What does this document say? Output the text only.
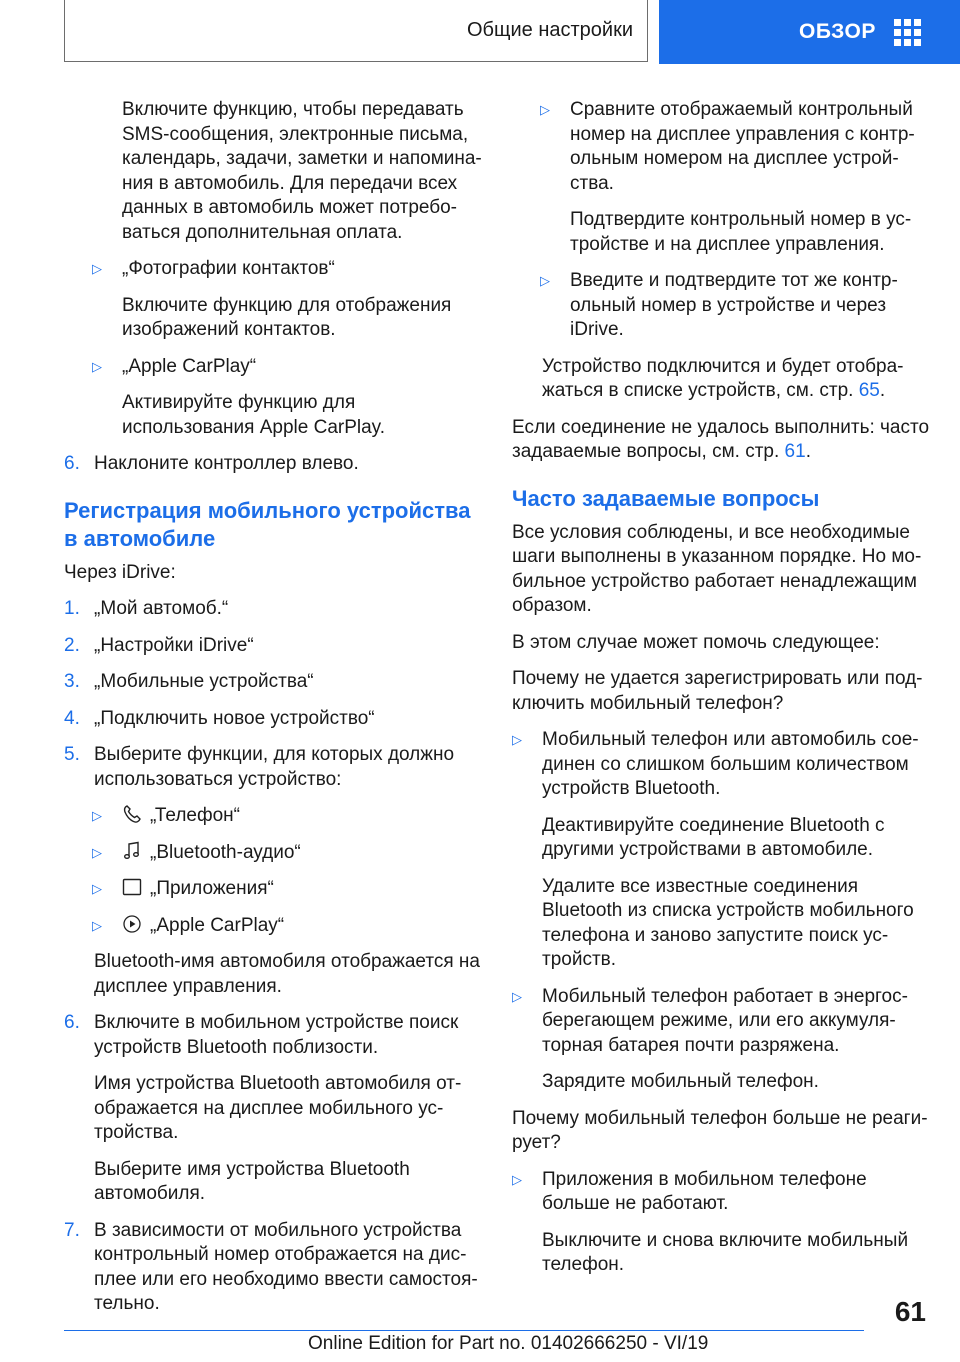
Общие настройки	ОБЗОР

Включите функцию, чтобы передавать SMS-сообщения, электронные письма, календарь, задачи, заметки и напомина‐ния в автомобиль. Для передачи всех данных в автомобиль может потребо‐ваться дополнительная оплата.

▷	„Фотографии контактов“

Включите функцию для отображения изображений контактов.

▷	„Apple CarPlay“

Активируйте функцию для использования Apple CarPlay.

6. Наклоните контроллер влево.
Регистрация мобильного устройства в автомобиле

Через iDrive:

1. „Мой автомоб.“
2. „Настройки iDrive“
3. „Мобильные устройства“
4. „Подключить новое устройство“
5. Выберите функции, для которых должно использоваться устройство:
▷	„Телефон“
▷	„Bluetooth-аудио“
▷	„Приложения“
▷	„Apple CarPlay“

Bluetooth-имя автомобиля отображается на дисплее управления.

6. Включите в мобильном устройстве поиск устройств Bluetooth поблизости.

Имя устройства Bluetooth автомобиля от‐ображается на дисплее мобильного ус‐тройства.

Выберите имя устройства Bluetooth автомобиля.

7. В зависимости от мобильного устройства контрольный номер отображается на дис‐плее или его необходимо ввести самостоя‐тельно.
▷	Сравните отображаемый контрольный номер на дисплее управления с контр‐ольным номером на дисплее устрой‐ства.

Подтвердите контрольный номер в ус‐тройстве и на дисплее управления.

▷	Введите и подтвердите тот же контр‐ольный номер в устройстве и через iDrive.

Устройство подключится и будет отобра‐жаться в списке устройств, см. стр. 65.

Если соединение не удалось выполнить: часто задаваемые вопросы, см. стр. 61.

Часто задаваемые вопросы

Все условия соблюдены, и все необходимые шаги выполнены в указанном порядке. Но мо‐бильное устройство работает ненадлежащим образом.

В этом случае может помочь следующее:

Почему не удается зарегистрировать или под‐ключить мобильный телефон?

▷	Мобильный телефон или автомобиль сое‐динен со слишком большим количеством устройств Bluetooth.

Деактивируйте соединение Bluetooth с другими устройствами в автомобиле.

Удалите все известные соединения Bluetooth из списка устройств мобильного телефона и заново запустите поиск ус‐тройств.

▷	Мобильный телефон работает в энергос‐берегающем режиме, или его аккумуля‐торная батарея почти разряжена.

Зарядите мобильный телефон.

Почему мобильный телефон больше не реаги‐рует?

▷	Приложения в мобильном телефоне больше не работают.

Выключите и снова включите мобильный телефон.

61
Online Edition for Part no. 01402666250 - VI/19
